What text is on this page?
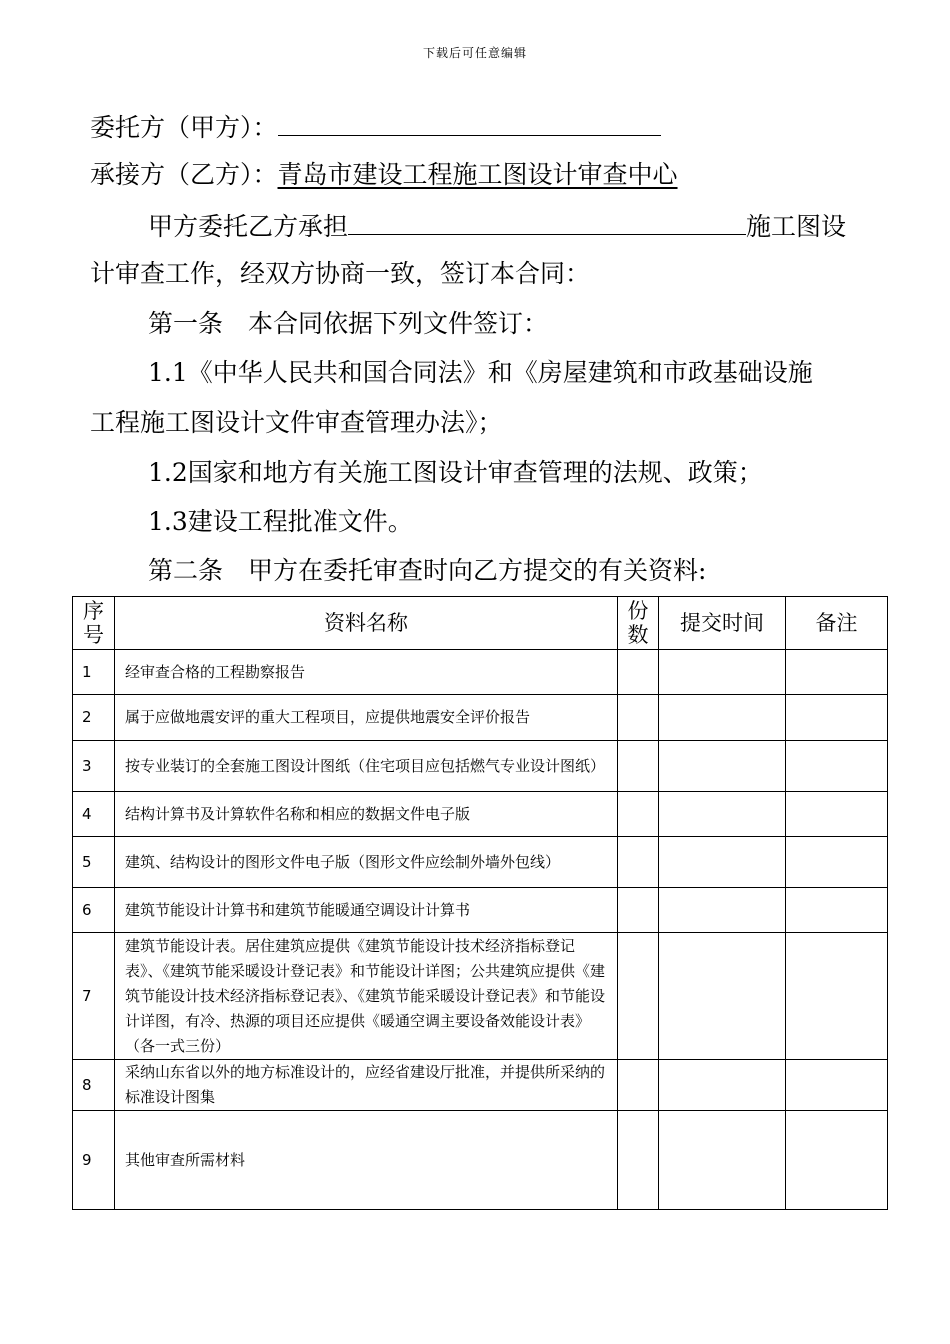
下载后可任意编辑
委托方（甲方）：
承接方（乙方）：青岛市建设工程施工图设计审查中心
甲方委托乙方承担	施工图设
计审查工作，经双方协商一致，签订本合同：
第一条　本合同依据下列文件签订：
1.1《中华人民共和国合同法》和《房屋建筑和市政基础设施
工程施工图设计文件审查管理办法》；
1.2国家和地方有关施工图设计审查管理的法规、政策；
1.3建设工程批准文件。
第二条　甲方在委托审查时向乙方提交的有关资料:
序号	资料名称	份数	提交时间	备注
1	经审查合格的工程勘察报告			
2	属于应做地震安评的重大工程项目，应提供地震安全评价报告			
3	按专业装订的全套施工图设计图纸（住宅项目应包括燃气专业设计图纸）			
4	结构计算书及计算软件名称和相应的数据文件电子版			
5	建筑、结构设计的图形文件电子版（图形文件应绘制外墙外包线）			
6	建筑节能设计计算书和建筑节能暖通空调设计计算书			
7	建筑节能设计表。居住建筑应提供《建筑节能设计技术经济指标登记表》、《建筑节能采暖设计登记表》和节能设计详图；公共建筑应提供《建筑节能设计技术经济指标登记表》、《建筑节能采暖设计登记表》和节能设计详图，有冷、热源的项目还应提供《暖通空调主要设备效能设计表》（各一式三份）			
8	采纳山东省以外的地方标准设计的，应经省建设厅批准，并提供所采纳的标准设计图集			
9	其他审查所需材料			
